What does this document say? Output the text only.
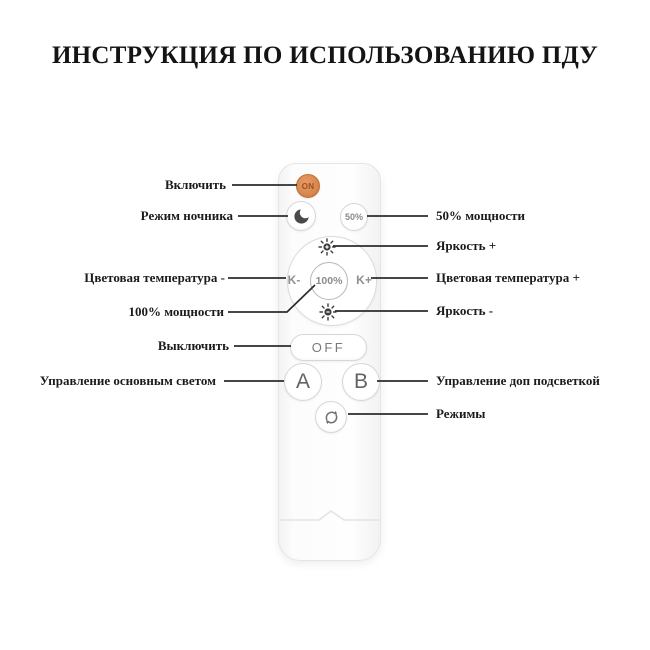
ИНСТРУКЦИЯ ПО ИСПОЛЬЗОВАНИЮ ПДУ
ON
50%
K-	100%	K+
OFF
A	B
Включить
Режим ночника
Цветовая температура -
100% мощности
Выключить
Управление основным светом
50% мощности
Яркость +
Цветовая температура +
Яркость -
Управление доп подсветкой
Режимы
